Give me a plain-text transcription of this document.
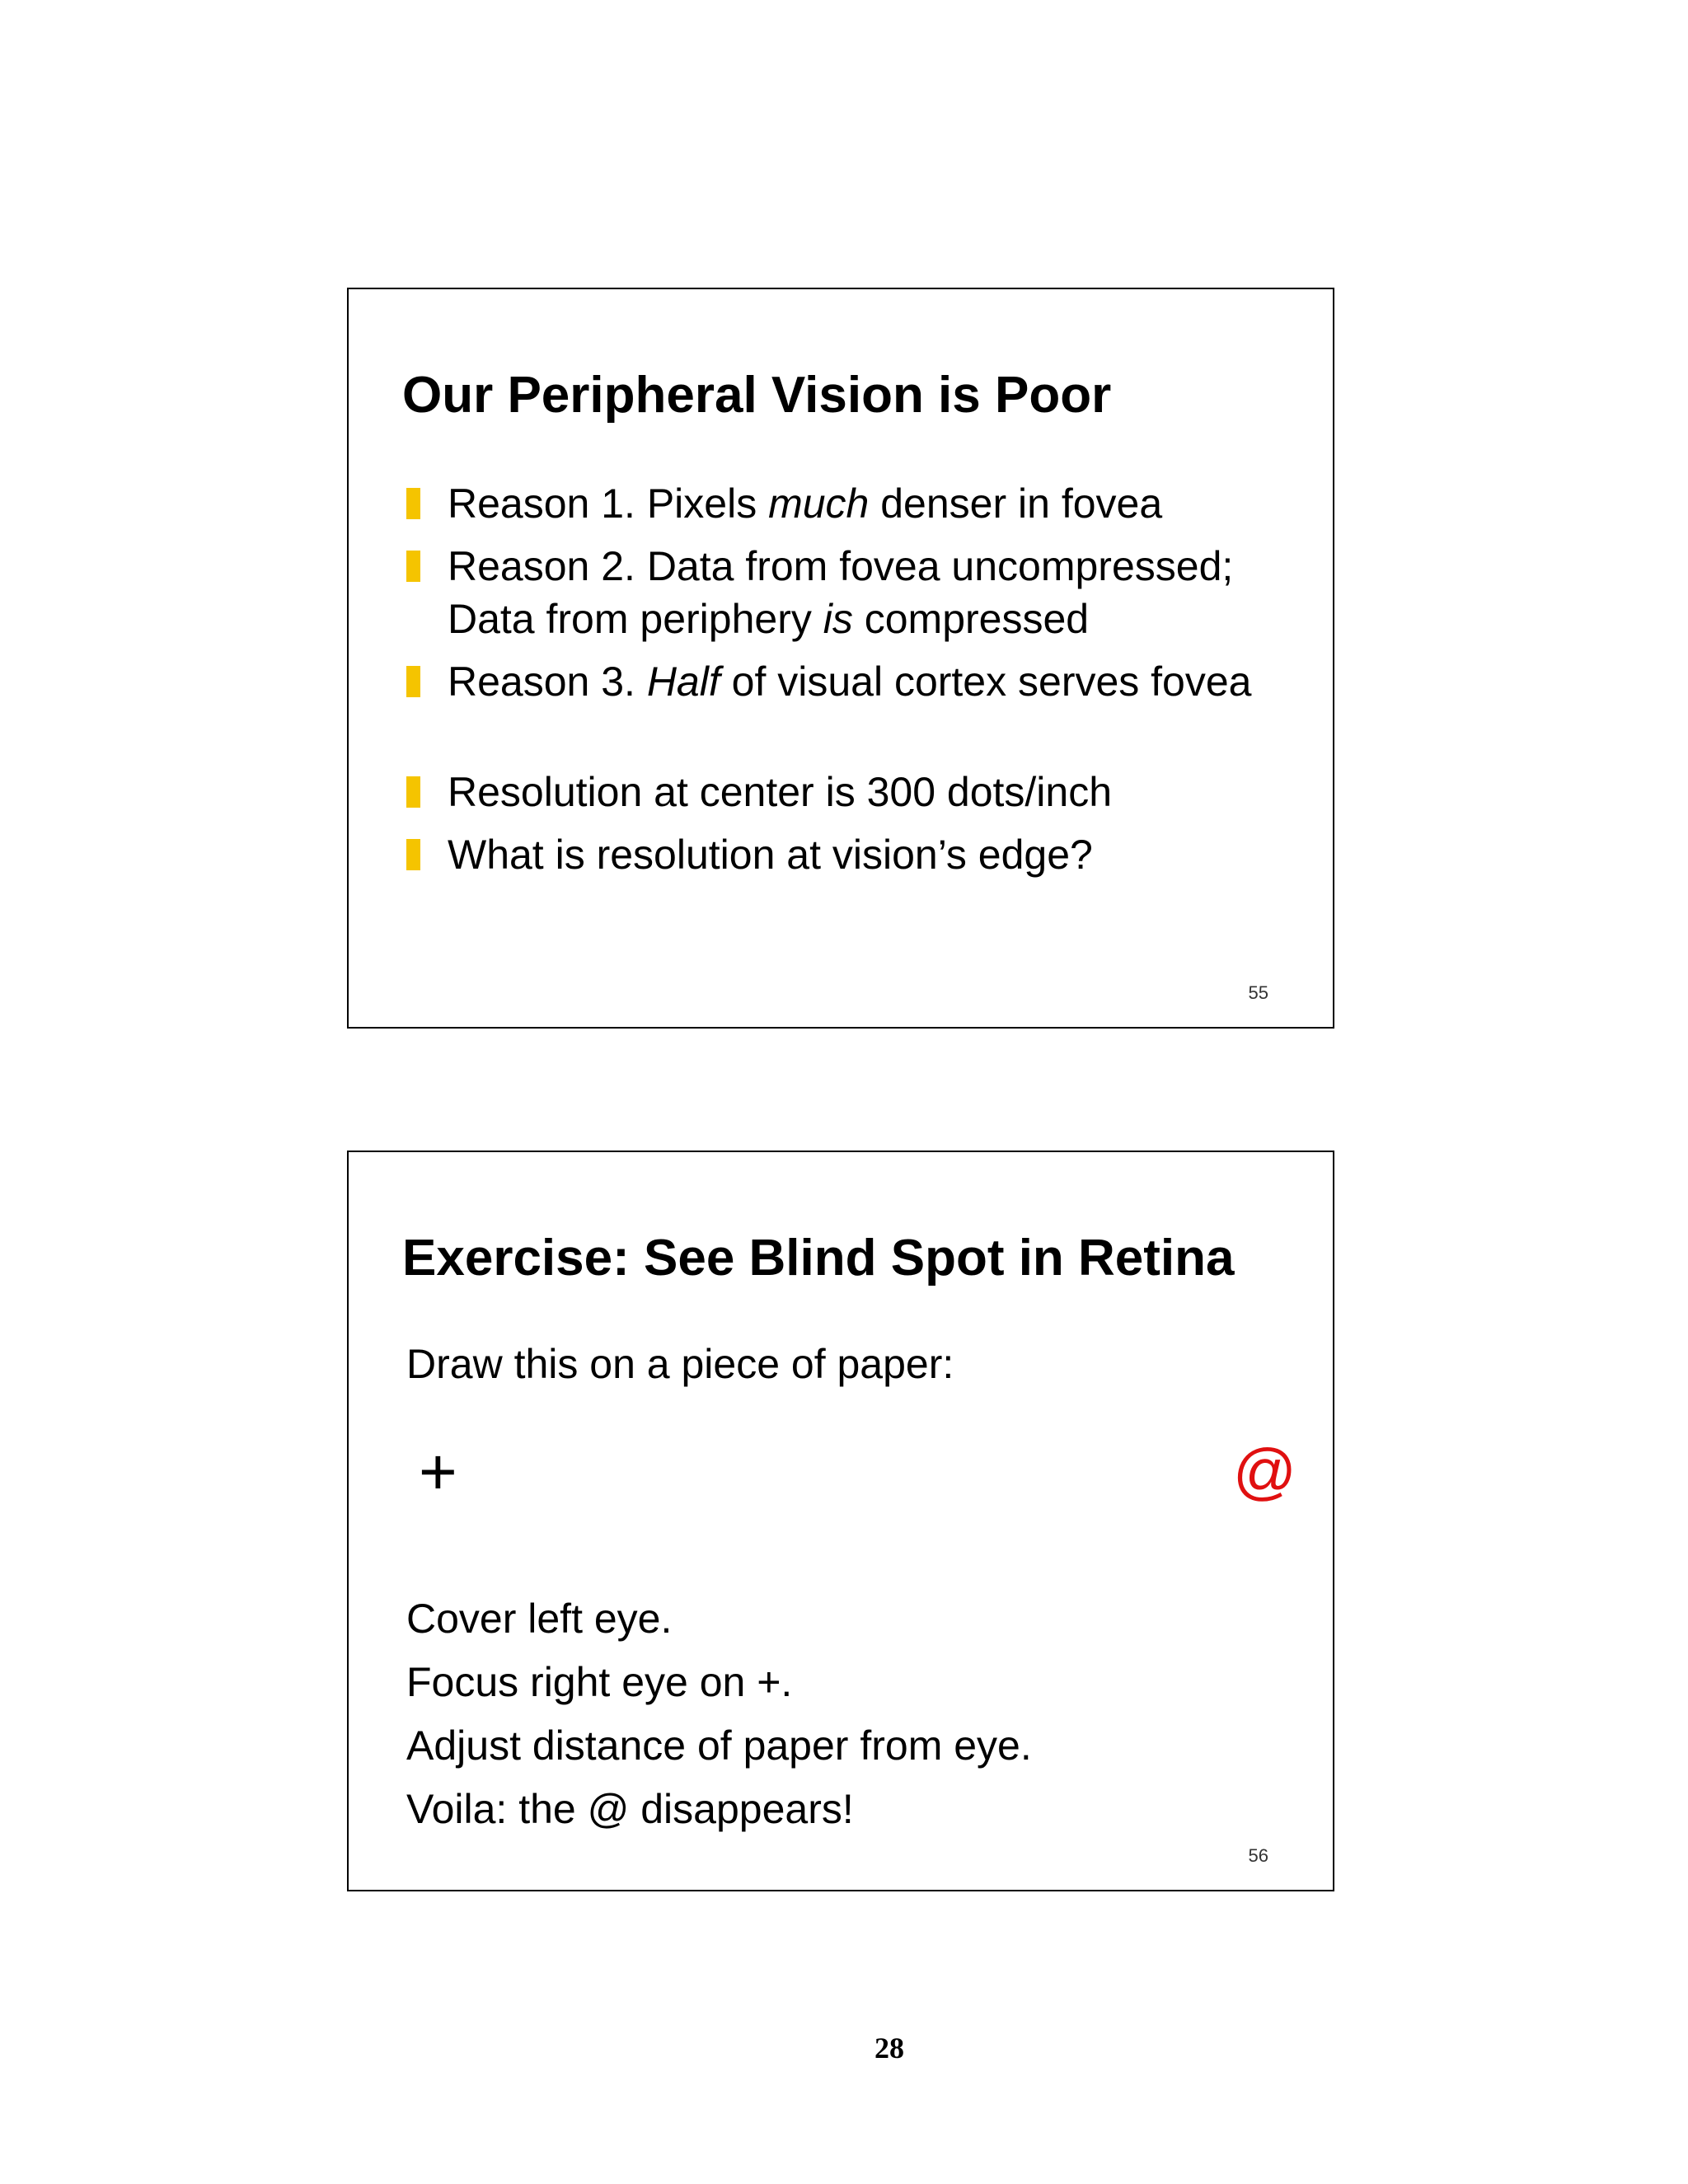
Our Peripheral Vision is Poor
Reason 1. Pixels much denser in fovea
Reason 2. Data from fovea uncompressed;
Data from periphery is compressed
Reason 3. Half of visual cortex serves fovea
Resolution at center is 300 dots/inch
What is resolution at vision’s edge?
55
Exercise: See Blind Spot in Retina
Draw this on a piece of paper:
+	@
Cover left eye.
Focus right eye on +.
Adjust distance of paper from eye.
Voila: the @ disappears!
56
28
